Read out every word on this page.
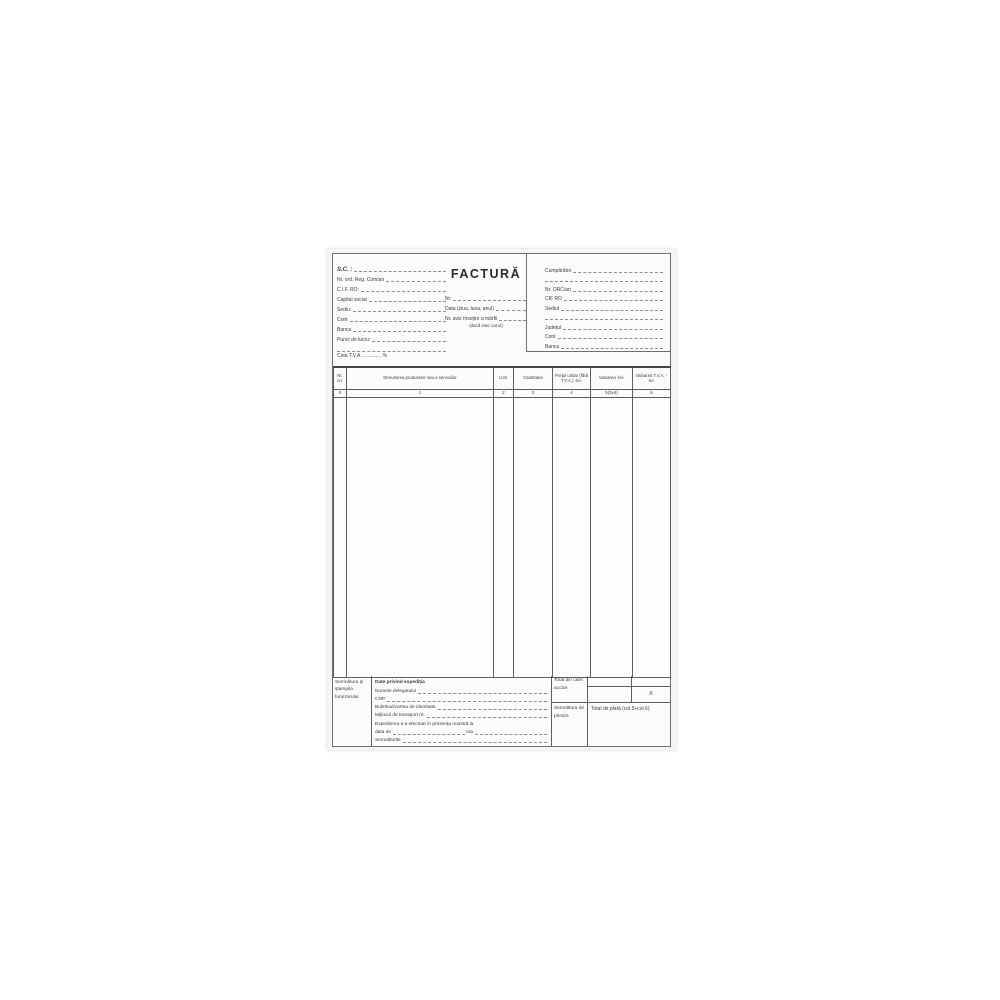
S.C. :
Nr. ord. Reg. Com/an
C.I.F. RO:
Capital social
Sediu:
Cont
Banca
Punct de lucru:
Cota T.V.A. ............. %
FACTURĂ
Nr.
Data (ziua, luna, anul)
Nr. aviz însoţire a mărfii
(dacă este cazul)
Cumpărător
Nr. ORC/an
CIF RO
Sediul
Judeţul
Cont
Banca
Nr. crt.	Denumirea produselor sau a serviciilor	U.M.	Cantitatea	Preţul unitar (fără T.V.A.) -lei-	Valoarea -lei-	Valoarea T.V.A. -lei-
0	1	2	3	4	5(3x4)	6

Semnătura şi ştampila furnizorului
Date privind expediţia
Numele delegatului
CNP
Buletinul/cartea de identitate
Mijlocul de transport nr.
Expedierea s-a efectuat în prezenţa noastră la
data de	ora
Semnăturile
Total din care: accize
X
Semnătura de primire
Total de plată (col.5+col.6)
